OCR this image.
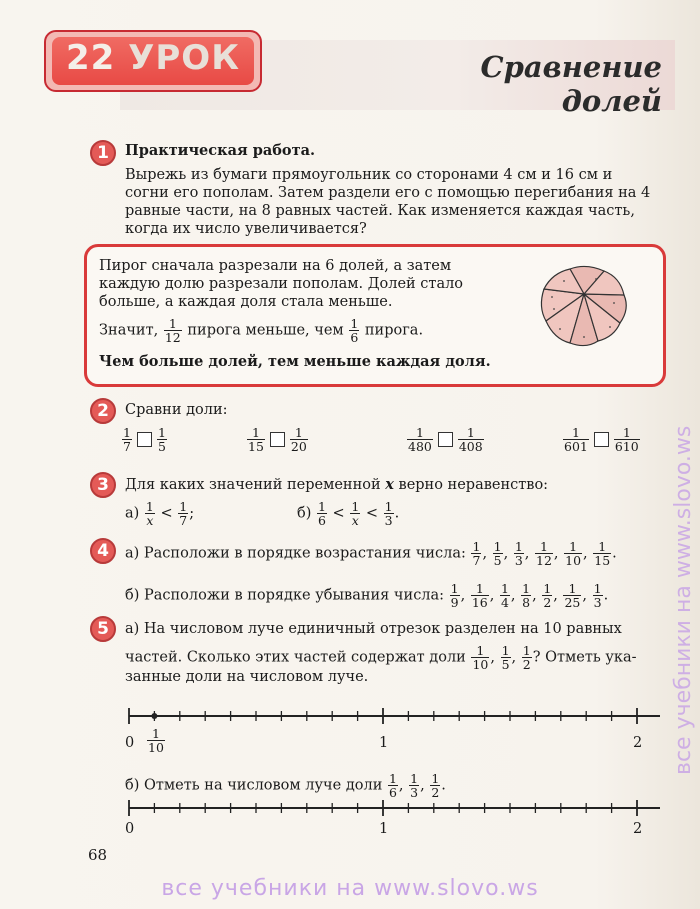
22 УРОК	Сравнение
долей
1	Практическая работа.
Вырежь из бумаги прямоугольник со сторонами 4 см и 16 см и
согни его пополам. Затем раздели его с помощью перегибания на 4
равные части, на 8 равных частей. Как изменяется каждая часть,
когда их число увеличивается?
Пирог сначала разрезали на 6 долей, а затем
каждую долю разрезали пополам. Долей стало
больше, а каждая доля стала меньше.
Значит, $\frac{1}{12}$ пирога меньше, чем $\frac{1}{6}$ пирога.
Чем больше долей, тем меньше каждая доля.
2	Сравни доли:
$\frac{1}{7} \frac{1}{5}$	$\frac{1}{15} \frac{1}{20}$	$\frac{1}{480} \frac{1}{408}$	$\frac{1}{601} \frac{1}{610}$
3	Для каких значений переменной x верно неравенство:
$а) \frac{1}{x} < \frac{1}{7}$ ;	$б) \frac{1}{6} < \frac{1}{x} < \frac{1}{3}$ .
4	а) Расположи в порядке возрастания числа: $\frac{1}{7}$ , $\frac{1}{5}$ , $\frac{1}{3}$ , $\frac{1}{12}$ , $\frac{1}{10}$ , $\frac{1}{15}$ .
б) Расположи в порядке убывания числа: $\frac{1}{9}$ , $\frac{1}{16}$ , $\frac{1}{4}$ , $\frac{1}{8}$ , $\frac{1}{2}$ , $\frac{1}{25}$ , $\frac{1}{3}$ .
5	а) На числовом луче единичный отрезок разделен на 10 равных
частей. Сколько этих частей содержат доли $\frac{1}{10}$ , $\frac{1}{5}$ , $\frac{1}{2}$ ? Отметь ука-
занные доли на числовом луче.
$0 \frac{1}{10}$	1	2
б) Отметь на числовом луче доли $\frac{1}{6}$ , $\frac{1}{3}$ , $\frac{1}{2}$ .
0	1	2
68
все учебники на www.slovo.ws
все учебники на www.slovo.ws
